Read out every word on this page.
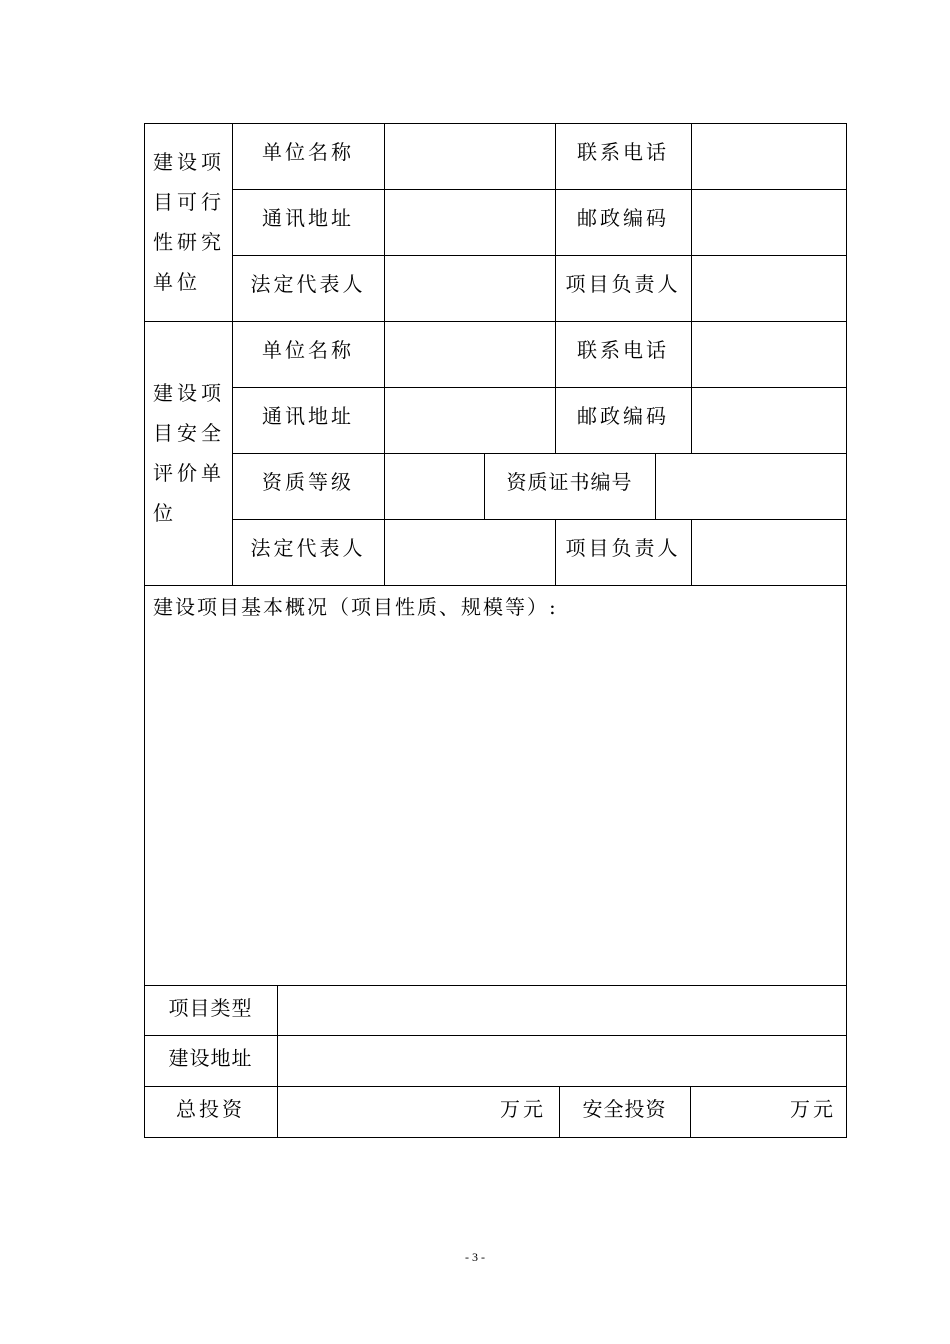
建设项目可行性研究单位
单位名称	联系电话
通讯地址	邮政编码
法定代表人	项目负责人
建设项目安全评价单位
单位名称	联系电话
通讯地址	邮政编码
资质等级	资质证书编号
法定代表人	项目负责人
建设项目基本概况（项目性质、规模等）:
项目类型
建设地址
总投资	万元	安全投资	万元
- 3 -
